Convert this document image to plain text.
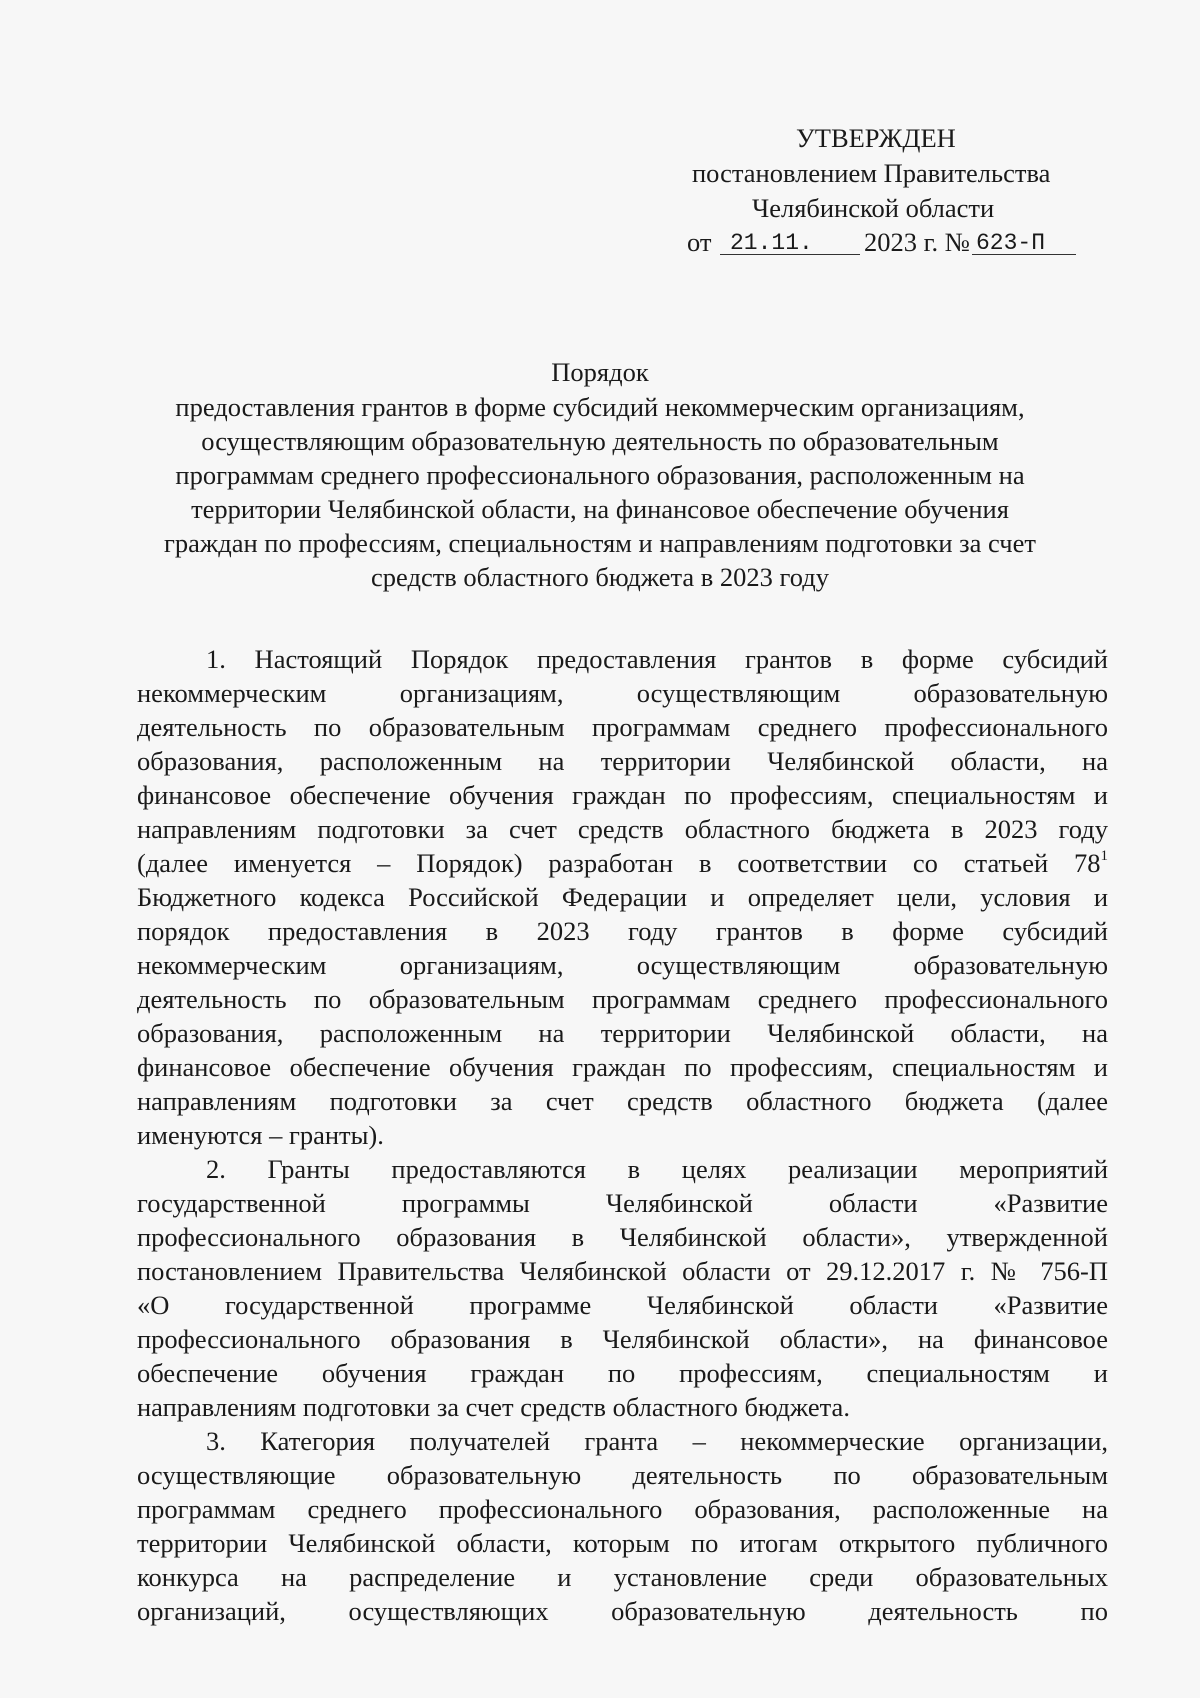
УТВЕРЖДЕН
постановлением Правительства
Челябинской области
от 21.11. 2023 г. № 623-П
Порядок
предоставления грантов в форме субсидий некоммерческим организациям,
осуществляющим образовательную деятельность по образовательным
программам среднего профессионального образования, расположенным на
территории Челябинской области, на финансовое обеспечение обучения
граждан по профессиям, специальностям и направлениям подготовки за счет
средств областного бюджета в 2023 году
1. Настоящий Порядок предоставления грантов в форме субсидий
некоммерческим организациям, осуществляющим образовательную
деятельность по образовательным программам среднего профессионального
образования, расположенным на территории Челябинской области, на
финансовое обеспечение обучения граждан по профессиям, специальностям и
направлениям подготовки за счет средств областного бюджета в 2023 году
(далее именуется – Порядок) разработан в соответствии со статьей $78^1$
Бюджетного кодекса Российской Федерации и определяет цели, условия и
порядок предоставления в 2023 году грантов в форме субсидий
некоммерческим организациям, осуществляющим образовательную
деятельность по образовательным программам среднего профессионального
образования, расположенным на территории Челябинской области, на
финансовое обеспечение обучения граждан по профессиям, специальностям и
направлениям подготовки за счет средств областного бюджета (далее
именуются – гранты).
2. Гранты предоставляются в целях реализации мероприятий
государственной программы Челябинской области «Развитие
профессионального образования в Челябинской области», утвержденной
постановлением Правительства Челябинской области от 29.12.2017 г. № 756-П
«О государственной программе Челябинской области «Развитие
профессионального образования в Челябинской области», на финансовое
обеспечение обучения граждан по профессиям, специальностям и
направлениям подготовки за счет средств областного бюджета.
3. Категория получателей гранта – некоммерческие организации,
осуществляющие образовательную деятельность по образовательным
программам среднего профессионального образования, расположенные на
территории Челябинской области, которым по итогам открытого публичного
конкурса на распределение и установление среди образовательных
организаций, осуществляющих образовательную деятельность по
